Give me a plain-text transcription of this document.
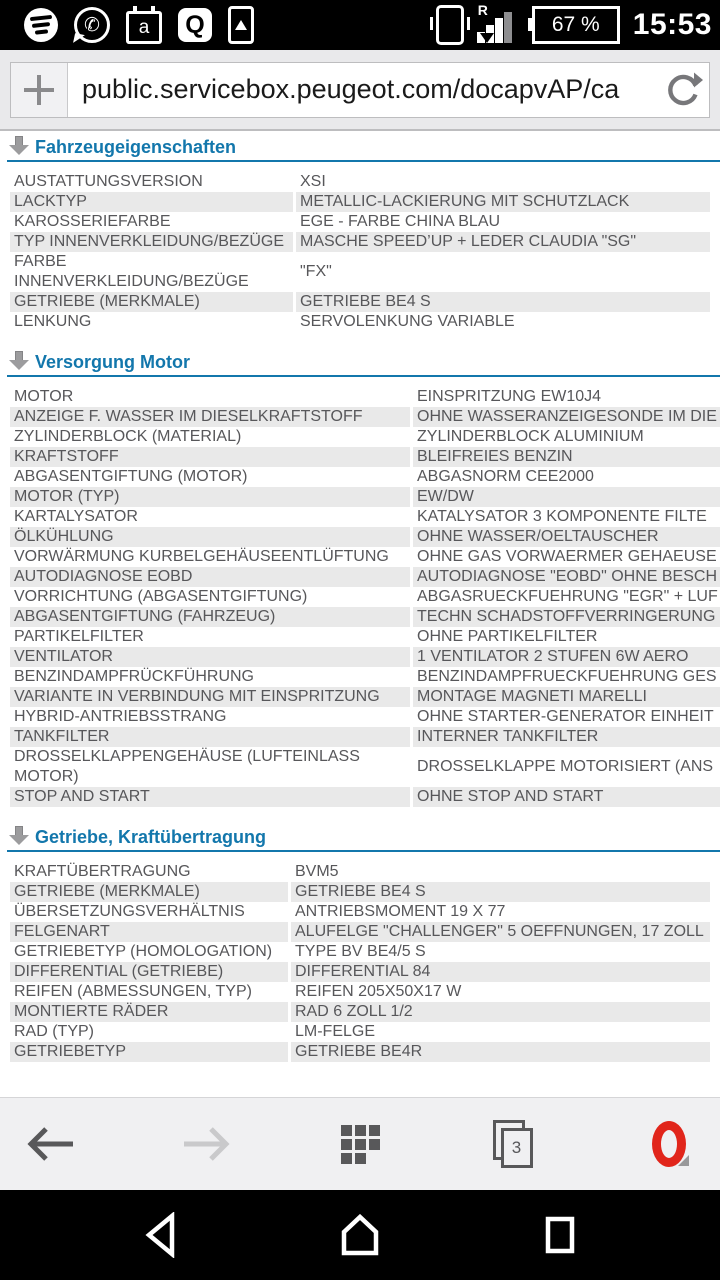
✆	a	Q
R
67 % 15:53
public.servicebox.peugeot.com/docapvAP/ca
Fahrzeugeigenschaften
AUSTATTUNGSVERSION	XSI
LACKTYP	METALLIC-LACKIERUNG MIT SCHUTZLACK
KAROSSERIEFARBE	EGE - FARBE CHINA BLAU
TYP INNENVERKLEIDUNG/BEZÜGE	MASCHE SPEED’UP + LEDER CLAUDIA "SG"
FARBE INNENVERKLEIDUNG/BEZÜGE	"FX"
GETRIEBE (MERKMALE)	GETRIEBE BE4 S
LENKUNG	SERVOLENKUNG VARIABLE
Versorgung Motor
MOTOR	EINSPRITZUNG EW10J4
ANZEIGE F. WASSER IM DIESELKRAFTSTOFF	OHNE WASSERANZEIGESONDE IM DIE
ZYLINDERBLOCK (MATERIAL)	ZYLINDERBLOCK ALUMINIUM
KRAFTSTOFF	BLEIFREIES BENZIN
ABGASENTGIFTUNG (MOTOR)	ABGASNORM CEE2000
MOTOR (TYP)	EW/DW
KARTALYSATOR	KATALYSATOR 3 KOMPONENTE FILTE
ÖLKÜHLUNG	OHNE WASSER/OELTAUSCHER
VORWÄRMUNG KURBELGEHÄUSEENTLÜFTUNG	OHNE GAS VORWAERMER GEHAEUSE
AUTODIAGNOSE EOBD	AUTODIAGNOSE "EOBD" OHNE BESCH
VORRICHTUNG (ABGASENTGIFTUNG)	ABGASRUECKFUEHRUNG "EGR" + LUF
ABGASENTGIFTUNG (FAHRZEUG)	TECHN SCHADSTOFFVERRINGERUNG
PARTIKELFILTER	OHNE PARTIKELFILTER
VENTILATOR	1 VENTILATOR 2 STUFEN 6W AERO
BENZINDAMPFRÜCKFÜHRUNG	BENZINDAMPFRUECKFUEHRUNG GES
VARIANTE IN VERBINDUNG MIT EINSPRITZUNG	MONTAGE MAGNETI MARELLI
HYBRID-ANTRIEBSSTRANG	OHNE STARTER-GENERATOR EINHEIT
TANKFILTER	INTERNER TANKFILTER
DROSSELKLAPPENGEHÄUSE (LUFTEINLASS MOTOR)	DROSSELKLAPPE MOTORISIERT (ANS
STOP AND START	OHNE STOP AND START
Getriebe, Kraftübertragung
KRAFTÜBERTRAGUNG	BVM5
GETRIEBE (MERKMALE)	GETRIEBE BE4 S
ÜBERSETZUNGSVERHÄLTNIS	ANTRIEBSMOMENT 19 X 77
FELGENART	ALUFELGE "CHALLENGER" 5 OEFFNUNGEN, 17 ZOLL
GETRIEBETYP (HOMOLOGATION)	TYPE BV BE4/5 S
DIFFERENTIAL (GETRIEBE)	DIFFERENTIAL 84
REIFEN (ABMESSUNGEN, TYP)	REIFEN 205X50X17 W
MONTIERTE RÄDER	RAD 6 ZOLL 1/2
RAD (TYP)	LM-FELGE
GETRIEBETYP	GETRIEBE BE4R
3
